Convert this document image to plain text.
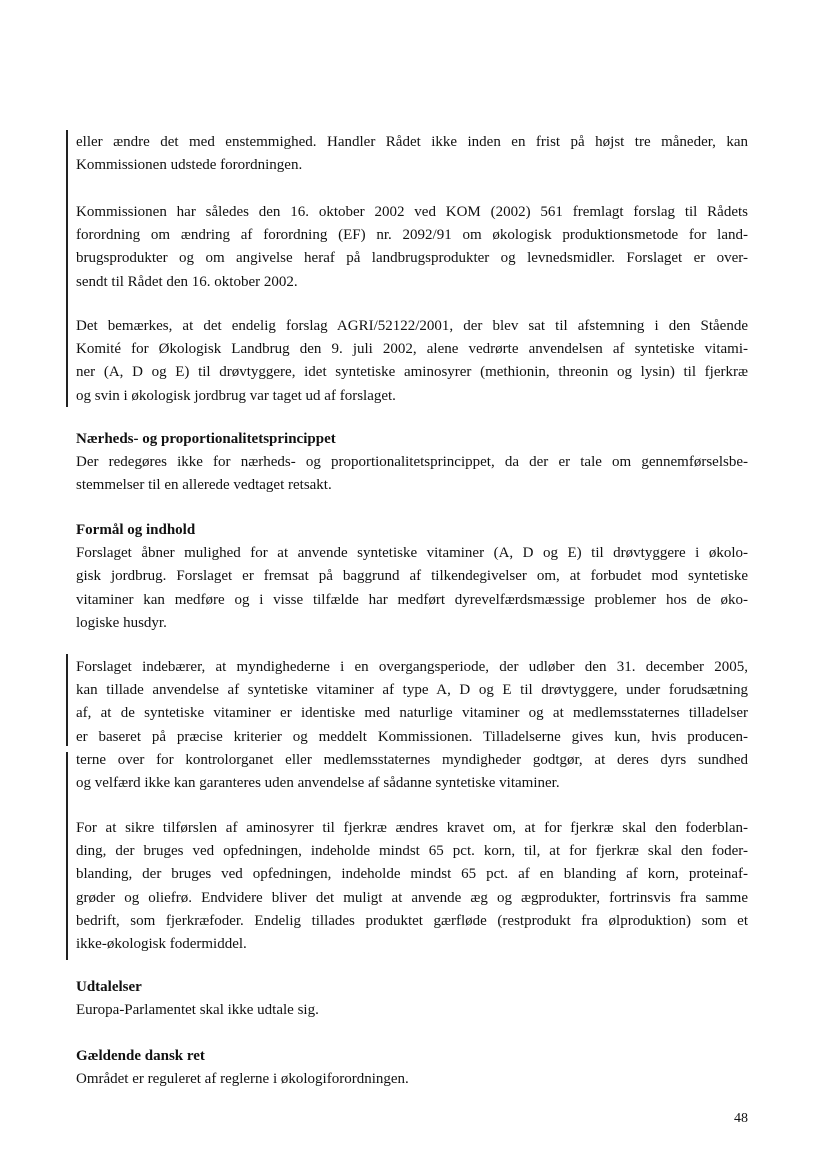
eller ændre det med enstemmighed. Handler Rådet ikke inden en frist på højst tre måneder, kan
Kommissionen udstede forordningen.
Kommissionen har således den 16. oktober 2002 ved KOM (2002) 561 fremlagt forslag til Rådets
forordning om ændring af forordning (EF) nr. 2092/91 om økologisk produktionsmetode for land-
brugsprodukter og om angivelse heraf på landbrugsprodukter og levnedsmidler. Forslaget er over-
sendt til Rådet den 16. oktober 2002.
Det bemærkes, at det endelig forslag AGRI/52122/2001, der blev sat til afstemning i den Stående
Komité for Økologisk Landbrug den 9. juli 2002, alene vedrørte anvendelsen af syntetiske vitami-
ner (A, D og E) til drøvtyggere, idet syntetiske aminosyrer (methionin, threonin og lysin) til fjerkræ
og svin i økologisk jordbrug var taget ud af forslaget.
Nærheds- og proportionalitetsprincippet
Der redegøres ikke for nærheds- og proportionalitetsprincippet, da der er tale om gennemførselsbe-
stemmelser til en allerede vedtaget retsakt.
Formål og indhold
Forslaget åbner mulighed for at anvende syntetiske vitaminer (A, D og E) til drøvtyggere i økolo-
gisk jordbrug. Forslaget er fremsat på baggrund af tilkendegivelser om, at forbudet mod syntetiske
vitaminer kan medføre og i visse tilfælde har medført dyrevelfærdsmæssige problemer hos de øko-
logiske husdyr.
Forslaget indebærer, at myndighederne i en overgangsperiode, der udløber den 31. december 2005,
kan tillade anvendelse af syntetiske vitaminer af type A, D og E til drøvtyggere, under forudsætning
af, at de syntetiske vitaminer er identiske med naturlige vitaminer og at medlemsstaternes tilladelser
er baseret på præcise kriterier og meddelt Kommissionen. Tilladelserne gives kun, hvis producen-
terne over for kontrolorganet eller medlemsstaternes myndigheder godtgør, at deres dyrs sundhed
og velfærd ikke kan garanteres uden anvendelse af sådanne syntetiske vitaminer.
For at sikre tilførslen af aminosyrer til fjerkræ ændres kravet om, at for fjerkræ skal den foderblan-
ding, der bruges ved opfedningen, indeholde mindst 65 pct. korn, til, at for fjerkræ skal den foder-
blanding, der bruges ved opfedningen, indeholde mindst 65 pct. af en blanding af korn, proteinaf-
grøder og oliefrø. Endvidere bliver det muligt at anvende æg og ægprodukter, fortrinsvis fra samme
bedrift, som fjerkræfoder. Endelig tillades produktet gærfløde (restprodukt fra ølproduktion) som et
ikke-økologisk fodermiddel.
Udtalelser
Europa-Parlamentet skal ikke udtale sig.
Gældende dansk ret
Området er reguleret af reglerne i økologiforordningen.
48
